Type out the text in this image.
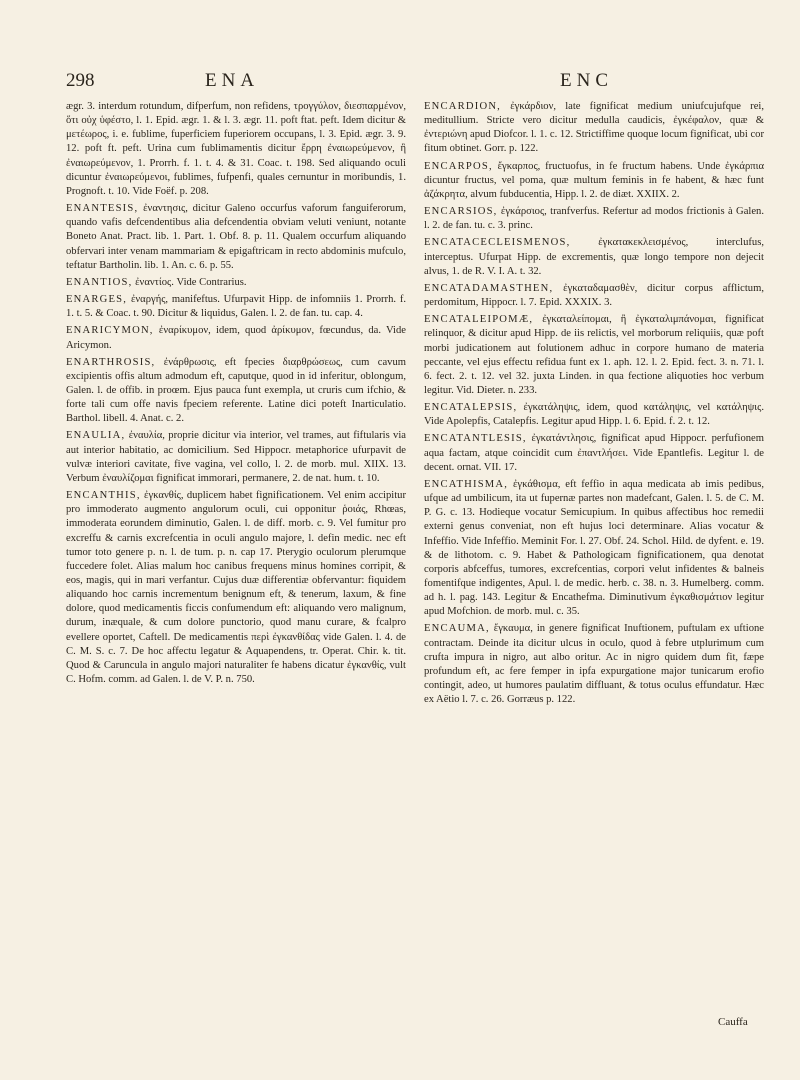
298	ENA	ENC

ægr. 3. interdum rotundum, difperfum, non refidens, τρογγύλον, διεσπαρμένον, ὅτι οὐχ ὑφέστο, l. 1. Epid. ægr. 1. & l. 3. ægr. 11. poft ftat. peft. Idem dicitur & μετέωρος, i. e. fublime, fuperficiem fuperiorem occupans, l. 3. Epid. ægr. 3. 9. 12. poft ft. peft. Urina cum fublimamentis dicitur ἔρρη ἐναιωρεύμενον, ἢ ἐναιωρεύμενον, 1. Prorrh. f. 1. t. 4. & 31. Coac. t. 198. Sed aliquando oculi dicuntur ἐναιωρεύμενοι, fublimes, fufpenfi, quales cernuntur in moribundis, 1. Prognoft. t. 10. Vide Foëf. p. 208.

ENANTESIS, ἐναντησις, dicitur Galeno occurfus vaforum fanguiferorum, quando vafis defcendentibus alia defcendentia obviam veluti veniunt, notante Boneto Anat. Pract. lib. 1. Part. 1. Obf. 8. p. 11. Qualem occurfum aliquando obfervari inter venam mammariam & epigaftricam in recto abdominis mufculo, teftatur Bartholin. lib. 1. An. c. 6. p. 55.

ENANTIOS, ἐναντίος. Vide Contrarius.

ENARGES, ἐναργής, manifeftus. Ufurpavit Hipp. de infomniis 1. Prorrh. f. 1. t. 5. & Coac. t. 90. Dicitur & liquidus, Galen. l. 2. de fan. tu. cap. 4.

ENARICYMON, ἐναρίκυμον, idem, quod ἀρίκυμον, fœcundus, da. Vide Aricymon.

ENARTHROSIS, ἐνάρθρωσις, eft fpecies διαρθρώσεως, cum cavum excipientis offis altum admodum eft, caputque, quod in id inferitur, oblongum, Galen. l. de offib. in proœm. Ejus pauca funt exempla, ut cruris cum ifchio, & forte tali cum offe navis fpeciem referente. Latine dici poteft Inarticulatio. Barthol. libell. 4. Anat. c. 2.

ENAULIA, ἐναυλία, proprie dicitur via interior, vel trames, aut fiftularis via aut interior habitatio, ac domicilium. Sed Hippocr. metaphorice ufurpavit de vulvæ interiori cavitate, five vagina, vel collo, l. 2. de morb. mul. XIIX. 13. Verbum ἐναυλίζομαι fignificat immorari, permanere, 2. de nat. hum. t. 10.

ENCANTHIS, ἐγκανθίς, duplicem habet fignificationem. Vel enim accipitur pro immoderato augmento angulorum oculi, cui opponitur ῥοιάς, Rhœas, immoderata eorundem diminutio, Galen. l. de diff. morb. c. 9. Vel fumitur pro excreffu & carnis excrefcentia in oculi angulo majore, l. defin medic. nec eft tumor toto genere p. n. l. de tum. p. n. cap 17. Pterygio oculorum plerumque fuccedere folet. Alias malum hoc canibus frequens minus homines corripit, & eos, magis, qui in mari verfantur. Cujus duæ differentiæ obfervantur: fiquidem aliquando hoc carnis incrementum benignum eft, & tenerum, laxum, & fine dolore, quod medicamentis ficcis confumendum eft: aliquando vero malignum, durum, inæquale, & cum dolore punctorio, quod manu curare, & fcalpro evellere oportet, Caftell. De medicamentis περὶ ἐγκανθίδας vide Galen. l. 4. de C. M. S. c. 7. De hoc affectu legatur & Aquapendens, tr. Operat. Chir. k. tit. Quod & Caruncula in angulo majori naturaliter fe habens dicatur ἐγκανθίς, vult C. Hofm. comm. ad Galen. l. de V. P. n. 750.

ENCARDION, ἐγκάρδιον, late fignificat medium uniufcujufque rei, meditullium. Stricte vero dicitur medulla caudicis, ἐγκέφαλον, quæ & ἐντεριώνη apud Diofcor. l. 1. c. 12. Strictiffime quoque locum fignificat, ubi cor fitum obtinet. Gorr. p. 122.

ENCARPOS, ἔγκαρπος, fructuofus, in fe fructum habens. Unde ἐγκάρπια dicuntur fructus, vel poma, quæ multum feminis in fe habent, & hæc funt ἀζάκρητα, alvum fubducentia, Hipp. l. 2. de diæt. XXIIX. 2.

ENCARSIOS, ἐγκάρσιος, tranfverfus. Refertur ad modos frictionis à Galen. l. 2. de fan. tu. c. 3. princ.

ENCATACECLEISMENOS,	ἐγκατακεκλεισμένος, interclufus, interceptus. Ufurpat Hipp. de excrementis, quæ longo tempore non dejecit alvus, 1. de R. V. I. A. t. 32.

ENCATADAMASTHEN, ἐγκαταδαμασθὲν, dicitur corpus afflictum, perdomitum, Hippocr. l. 7. Epid. XXXIX. 3.

ENCATALEIPOMÆ, ἐγκαταλείπομαι, ἢ ἐγκαταλιμπάνομαι, fignificat relinquor, & dicitur apud Hipp. de iis relictis, vel morborum reliquiis, quæ poft morbi judicationem aut folutionem adhuc in corpore humano de materia peccante, vel ejus effectu refidua funt ex 1. aph. 12. l. 2. Epid. fect. 3. n. 71. l. 6. fect. 2. t. 12. vel 32. juxta Linden. in qua fectione aliquoties hoc verbum legitur. Vid. Dieter. n. 233.

ENCATALEPSIS, ἐγκατάληψις, idem, quod κατάληψις, vel κατάληψις. Vide Apolepfis, Catalepfis. Legitur apud Hipp. l. 6. Epid. f. 2. t. 12.

ENCATANTLESIS, ἐγκατάντλησις, fignificat apud Hippocr. perfufionem aqua factam, atque coincidit cum ἐπαντλήσει. Vide Epantlefis. Legitur l. de decent. ornat. VII. 17.

ENCATHISMA, ἐγκάθισμα, eft feffio in aqua medicata ab imis pedibus, ufque ad umbilicum, ita ut fupernæ partes non madefcant, Galen. l. 5. de C. M. P. G. c. 13. Hodieque vocatur Semicupium. In quibus affectibus hoc remedii externi genus conveniat, non eft hujus loci determinare. Alias vocatur & Infeffio. Vide Infeffio. Meminit For. l. 27. Obf. 24. Schol. Hild. de dyfent. e. 19. & de lithotom. c. 9. Habet & Pathologicam fignificationem, qua denotat corporis abfceffus, tumores, excrefcentias, corpori velut infidentes & balneis fomentifque indigentes, Apul. l. de medic. herb. c. 38. n. 3. Humelberg. comm. ad h. l. pag. 143. Legitur & Encathefma. Diminutivum ἐγκαθισμάτιον legitur apud Mofchion. de morb. mul. c. 35.

ENCAUMA, ἔγκαυμα, in genere fignificat Inuftionem, puftulam ex uftione contractam. Deinde ita dicitur ulcus in oculo, quod à febre utplurimum cum crufta impura in nigro, aut albo oritur. Ac in nigro quidem dum fit, fæpe profundum eft, ac fere femper in ipfa expurgatione major tunicarum erofio contingit, adeo, ut humores paulatim diffluant, & totus oculus effundatur. Hæc ex Aëtio l. 7. c. 26. Gorræus p. 122.

Cauffa
